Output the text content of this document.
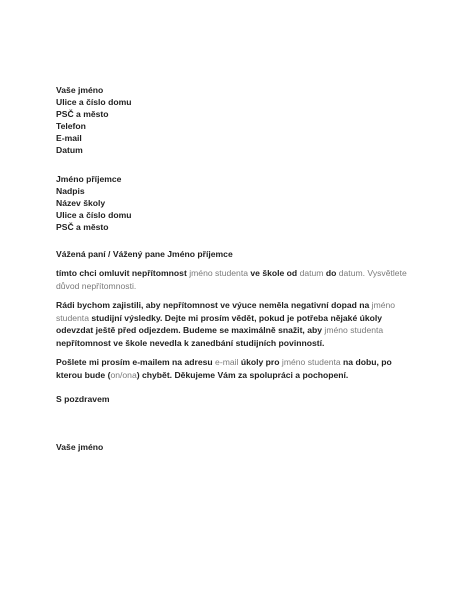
Vaše jméno
Ulice a číslo domu
PSČ a město
Telefon
E-mail
Datum
Jméno příjemce
Nadpis
Název školy
Ulice a číslo domu
PSČ a město
Vážená paní / Vážený pane Jméno příjemce
tímto chci omluvit nepřítomnost jméno studenta ve škole od datum do datum. Vysvětlete důvod nepřítomnosti.
Rádi bychom zajistili, aby nepřítomnost ve výuce neměla negativní dopad na jméno studenta studijní výsledky. Dejte mi prosím vědět, pokud je potřeba nějaké úkoly odevzdat ještě před odjezdem. Budeme se maximálně snažit, aby jméno studenta nepřítomnost ve škole nevedla k zanedbání studijních povinností.
Pošlete mi prosím e-mailem na adresu e-mail úkoly pro jméno studenta na dobu, po kterou bude (on/ona) chybět. Děkujeme Vám za spolupráci a pochopení.
S pozdravem
Vaše jméno
